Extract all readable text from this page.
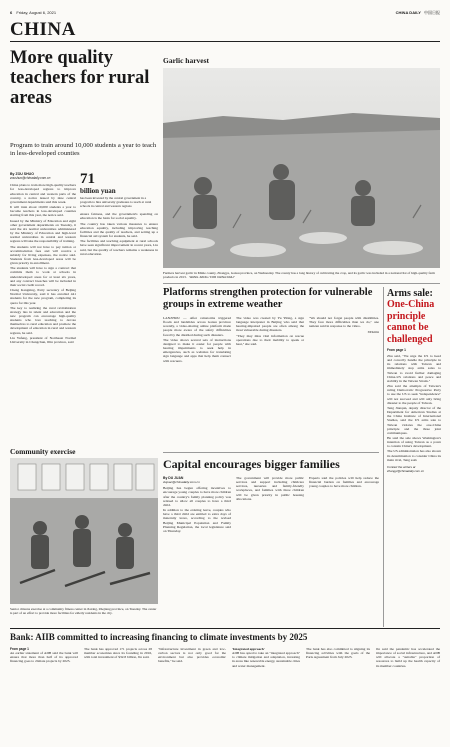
6 Friday, August 6, 2021	CHINA DAILY 中国日报
CHINA
More quality teachers for rural areas
Program to train around 10,000 students a year to teach in less-developed counties
By ZOU SHUO
zoushuo@chinadaily.com.cn
China plans to train more high-quality teachers for less-developed regions to improve education in central and western parts of the country, a notice issued by nine central government departments said this week.
It will train about 10,000 students a year to become teachers in less-developed counties starting from this year, the notice said.
Issued by the Ministry of Education and eight other government departments on Tuesday, it said the six normal universities administered by the Ministry of Education and high-level normal universities in central and western regions will take the responsibility of training.
The students will not have to pay tuition or accommodation fees and will receive a subsidy for living expenses, the notice said. Students from less-developed areas will be given priority in enrollment.
The students will have to sign a contract that commits them to work at schools in underdeveloped areas for at least six years, and any contract breaches will be included in their social credit record.
Cheng Kangning, Party secretary of Beijing Normal University, said it has enrolled 441 students for the new program, completing its quota for this year.
The key to realizing the rural revitalization strategy lies in talent and education and the new program can encourage high-quality students who love teaching to devote themselves to rural education and promote the development of education in rural and western regions, he said.
Liu Yufeng, president of Northeast Normal University in Changchun, Jilin province, said
71
billion yuan
has been invested by the central government in a program to hire university graduates to teach at rural schools in central and western regions
ensure fairness, and the government's spending on education is the basis for social equality.
The country has taken various measures to ensure education equality, including improving teaching facilities and the quality of teachers, and setting up a financial aid system for students, he said.
The facilities and teaching equipment at rural schools have seen significant improvement in recent years, Liu said, but the quality of teachers remains a weakness in rural education.
Garlic harvest
Farmers harvest garlic in Minle county, Zhangye, Gansu province, on Wednesday. The county has a long history of cultivating the crop, and its garlic was included in a national list of high-quality farm products in 2013. WANG JIANG / FOR CHINA DAILY
Platforms strengthen protection for vulnerable groups in extreme weather
LANZHOU — After rainstorms triggered floods and landslides across Gansu province recently, a video-sharing online platform made people more aware of the safety difficulties faced by the disabled during such disasters.
The video shows several sets of instructions designed to make it easier for people with hearing impairments to seek help in emergencies, such as websites for translating sign language and apps that help them connect with rescuers.
The video was created by Yu Yiting, a sign language interpreter in Beijing who said that hearing-impaired people are often among the most vulnerable during disasters.
"They may miss vital information on rescue operations due to their inability to speak or hear," she said.
"We should not forget people with disabilities. They face more difficulties than we do," one netizen said in response to the video.
XINHUA
Capital encourages bigger families
By DU JUAN
dujuan@chinadaily.com.cn
Beijing has begun offering incentives to encourage young couples to have more children after the country's family planning policy was relaxed to allow all couples to have a third child.
In addition to the existing leave, couples who have a third child are entitled to extra days of maternity leave, according to the revised Beijing Municipal Population and Family Planning Regulation, the local legislature said on Thursday.
The government will provide more public services and support including childcare services, nurseries and family-friendly workplaces, and families with three children will be given priority in public housing allocations.
Experts said the policies will help reduce the financial burden on families and encourage young couples to have more children.
Community exercise
Senior citizens exercise at a community fitness center in Jiaxing, Zhejiang province, on Tuesday. The center is part of an effort to provide more facilities for elderly residents in the city.
Arms sale:
One-China principle cannot be challenged
From page 1
Zhu said, "We urge the US to heed and correctly handle the principle in its relations with Taiwan and immediately stop arms sales to Taiwan to avoid further damaging China-US relations and peace and stability in the Taiwan Straits."
Zhu said the attempts of Taiwan's ruling Democratic Progressive Party to use the US to seek "independence" will not succeed and will only bring disaster to the people of Taiwan.
Teng Jianqun, deputy director of the Department for American Studies at the China Institute of International Studies, said the US arms sale to Taiwan violates the one-China principle and the three joint communiques.
He said the sale shows Washington's intention of using Taiwan as a pawn to contain China's development.
The US administration has also shown its determination to consider China its main rival, Teng said.
Contact the writers at zhangyi@chinadaily.com.cn
Bank: AIIB committed to increasing financing to climate investments by 2025
From page 1
An earlier statement of AIIB said the bank will ensure that more than half of its approved financing goes to climate projects by 2025.
The bank has approved 171 projects across 28 member economies since its founding in 2016, with total investment of $32.8 billion, Jin said.
"Infrastructure investment in green and low-carbon sectors is not only good for the environment but also provides economic benefits," he said.
'Integrated approach'
AIIB has opted to take an "integrated approach" to climate mitigation and adaptation, investing in areas like renewable energy, sustainable cities and water management.
The bank has also committed to aligning its financing activities with the goals of the Paris Agreement from July 2023.
Jin said the pandemic has accelerated the importance of social infrastructure, and AIIB will allocate a "suitable" proportion of resources to build up the health capacity of its member countries.
